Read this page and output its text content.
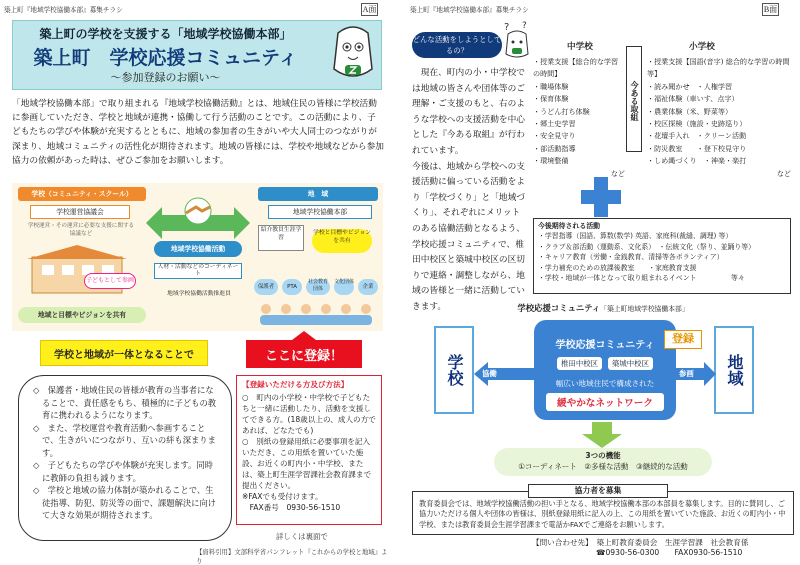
築上町『地域学校協働本部』募集チラシ	A面
築上町の学校を支援する「地域学校協働本部」
築上町　学校応援コミュニティ
～参加登録のお願い～
「地域学校協働本部」で取り組まれる『地域学校協働活動』とは、地域住民の皆様に学校活動に参画していただき、学校と地域が連携・協働して行う活動のことです。この活動により、子どもたちの学びや体験が充実するとともに、地域の参加者の生きがいや大人同士のつながりが深まり、地域コミュニティの活性化が期待されます。地域の皆様には、学校や地域などから参加協力の依頼があった時は、ぜひご参加をお願いします。
学校（コミュニティ・スクール）
学校運営協議会
学校運営・その運営に必要な支援に関する協議など
子どもとして参画
地域と目標やビジョンを共有
地域学校協働活動
人材・活動などのコーディネート
地域学校協働活動推進員
地　域
地域学校協働本部
紹介教員生涯学習
学校と目標やビジョンを共有
保護者	PTA
社会教育団体
文化団体
企業
学校と地域が一体となることで	ここに登録！
◇　保護者・地域住民の皆様が教育の当事者になることで、責任感をもち、積極的に子どもの教育に携われるようになります。
◇　また、学校運営や教育活動へ参画することで、生きがいにつながり、互いの絆も深まります。
◇　子どもたちの学びや体験が充実します。同時に教師の負担も減ります。
◇　学校と地域の協力体制が築かれることで、生徒指導、防犯、防災等の面で、課題解決に向けて大きな効果が期待されます。
【登録いただける方及び方法】
○　町内の小学校・中学校で子どもたちと一緒に活動したり、活動を支援してできる方。(18歳以上の、成人の方であれば、どなたでも)
○　別紙の登録用紙に必要事項を記入いただき、この用紙を置いていた施設、お近くの町内小・中学校、または、築上町生涯学習課社会教育課まで提出ください。
※FAXでも受付けます。
　FAX番号　0930-56-1510
詳しくは裏面で
【資料引用】文部科学省パンフレット『これからの学校と地域』より
築上町『地域学校協働本部』募集チラシ	B面
どんな活動をしようとしてるの？
? ?
現在、町内の小・中学校では地域の皆さんや団体等のご理解・ご支援のもと、右のような学校への支援活動を中心とした『今ある取組』が行われています。
今後は、地域から学校への支援活動に偏っている活動をより「学校づくり」と「地域づくり」、それぞれにメリットのある協働活動となるよう、学校応援コミュニティで、椎田中校区と築城中校区の区切りで連絡・調整しながら、地域の皆様と一緒に活動していきます。
中学校
・授業支援【総合的な学習の時間】
・職場体験
・保育体験
・うどん打ち体験
・郷土史学習
・安全見守り
・部活動指導
・環境整備
など
今ある取組
小学校
・授業支援【国語(音字) 総合的な学習の時間　等】
・読み聞かせ　・人権学習
・福祉体験（車いす、点字）
・農業体験（米、野菜等）
・校区探検（施設・史跡巡り）
・花壇手入れ　・クリーン活動
・防災教室　　・登下校見守り
・しめ縄づくり　・神楽・楽打
など
今後期待される活動
・学習指導（国語、算数(数学) 英語、家庭科(裁縫、調理) 等）
・クラブ＆部活動（運動系、文化系）　・伝統文化（祭り、並踊り等）
・キャリア教育（労働・金銭教育、清掃等各ボランティア）
・学力補充のための放課後教室　　・家庭教育支援
・学校・地域が一体となって取り組まれるイベント　　　　　等々
学校応援コミュニティ「築上町地域学校協働本部」
学校	地域
協働	参画
学校応援コミュニティ
椎田中校区	築城中校区
幅広い地域住民で構成された
緩やかなネットワーク
登録
3つの機能
①コーディネート　②多様な活動　③継続的な活動
教育委員会では、地域学校協働活動の担い手となる、地域学校協働本部の本部員を募集します。目的に賛同し、ご協力いただける個人や団体の皆様は、別紙登録用紙に記入の上、この用紙を置いていた施設、お近くの町内小・中学校、または教育委員会生涯学習課まで電話かFAXでご連絡をお願いします。
協力者を募集
【問い合わせ先】　築上町教育委員会　生涯学習課　社会教育係
☎0930-56-0300　　FAX0930-56-1510
